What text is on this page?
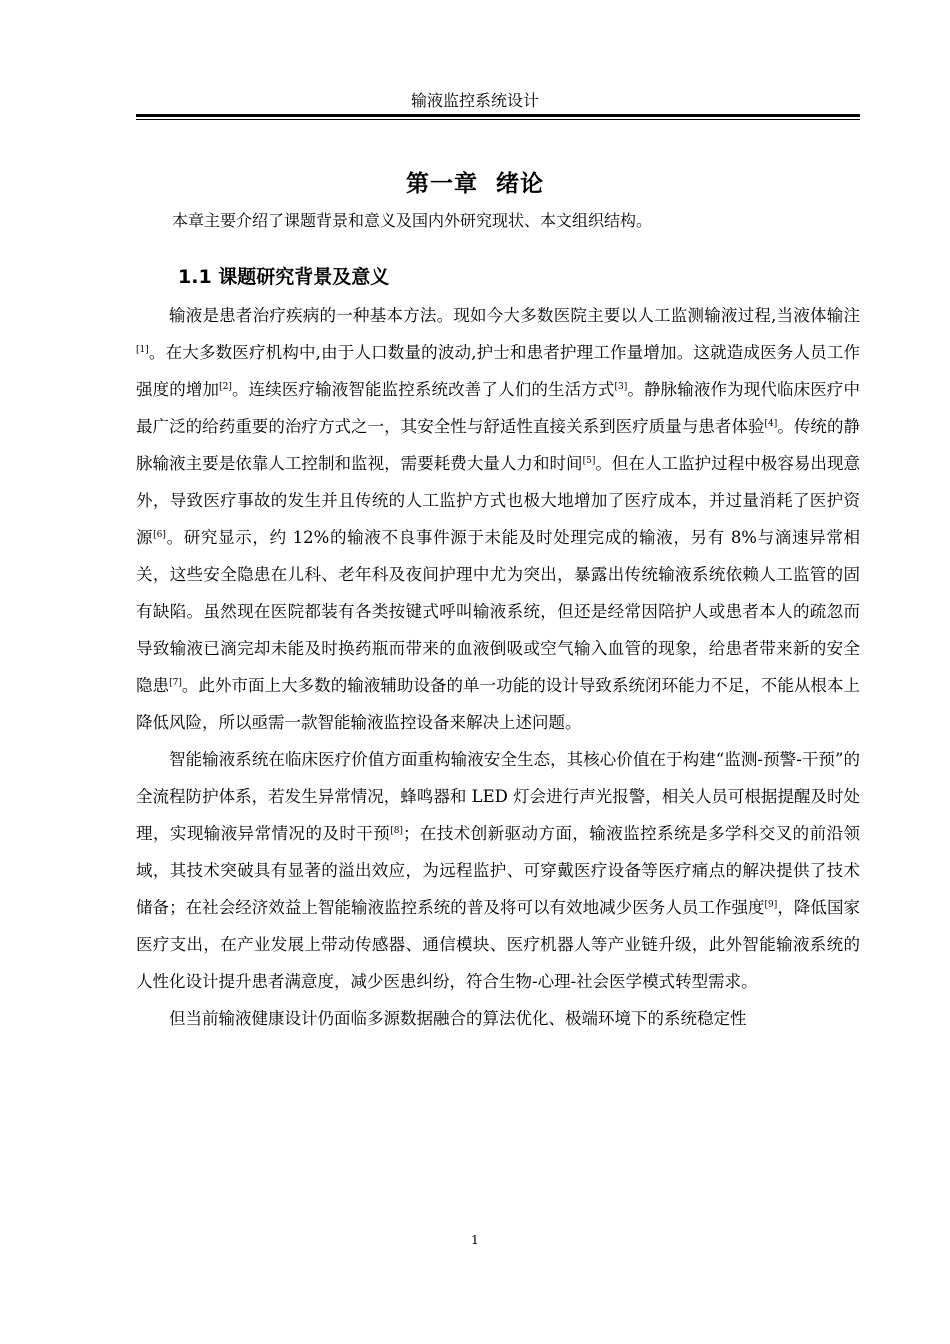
输液监控系统设计
第一章  绪论
本章主要介绍了课题背景和意义及国内外研究现状、本文组织结构。
1.1 课题研究背景及意义

输液是患者治疗疾病的一种基本方法。现如今大多数医院主要以人工监测输液过程,当液体输注[1]。在大多数医疗机构中,由于人口数量的波动,护士和患者护理工作量增加。这就造成医务人员工作强度的增加[2]。连续医疗输液智能监控系统改善了人们的生活方式[3]。静脉输液作为现代临床医疗中最广泛的给药重要的治疗方式之一，其安全性与舒适性直接关系到医疗质量与患者体验[4]。传统的静脉输液主要是依靠人工控制和监视，需要耗费大量人力和时间[5]。但在人工监护过程中极容易出现意外，导致医疗事故的发生并且传统的人工监护方式也极大地增加了医疗成本，并过量消耗了医护资源[6]。研究显示，约 12%的输液不良事件源于未能及时处理完成的输液，另有 8%与滴速异常相关，这些安全隐患在儿科、老年科及夜间护理中尤为突出，暴露出传统输液系统依赖人工监管的固有缺陷。虽然现在医院都装有各类按键式呼叫输液系统，但还是经常因陪护人或患者本人的疏忽而导致输液已滴完却未能及时换药瓶而带来的血液倒吸或空气输入血管的现象，给患者带来新的安全隐患[7]。此外市面上大多数的输液辅助设备的单一功能的设计导致系统闭环能力不足，不能从根本上降低风险，所以亟需一款智能输液监控设备来解决上述问题。

智能输液系统在临床医疗价值方面重构输液安全生态，其核心价值在于构建“监测-预警-干预”的全流程防护体系，若发生异常情况，蜂鸣器和 LED 灯会进行声光报警，相关人员可根据提醒及时处理，实现输液异常情况的及时干预[8]；在技术创新驱动方面，输液监控系统是多学科交叉的前沿领域，其技术突破具有显著的溢出效应，为远程监护、可穿戴医疗设备等医疗痛点的解决提供了技术储备；在社会经济效益上智能输液监控系统的普及将可以有效地减少医务人员工作强度[9]，降低国家医疗支出，在产业发展上带动传感器、通信模块、医疗机器人等产业链升级，此外智能输液系统的人性化设计提升患者满意度，减少医患纠纷，符合生物-心理-社会医学模式转型需求。

但当前输液健康设计仍面临多源数据融合的算法优化、极端环境下的系统稳定性

1
